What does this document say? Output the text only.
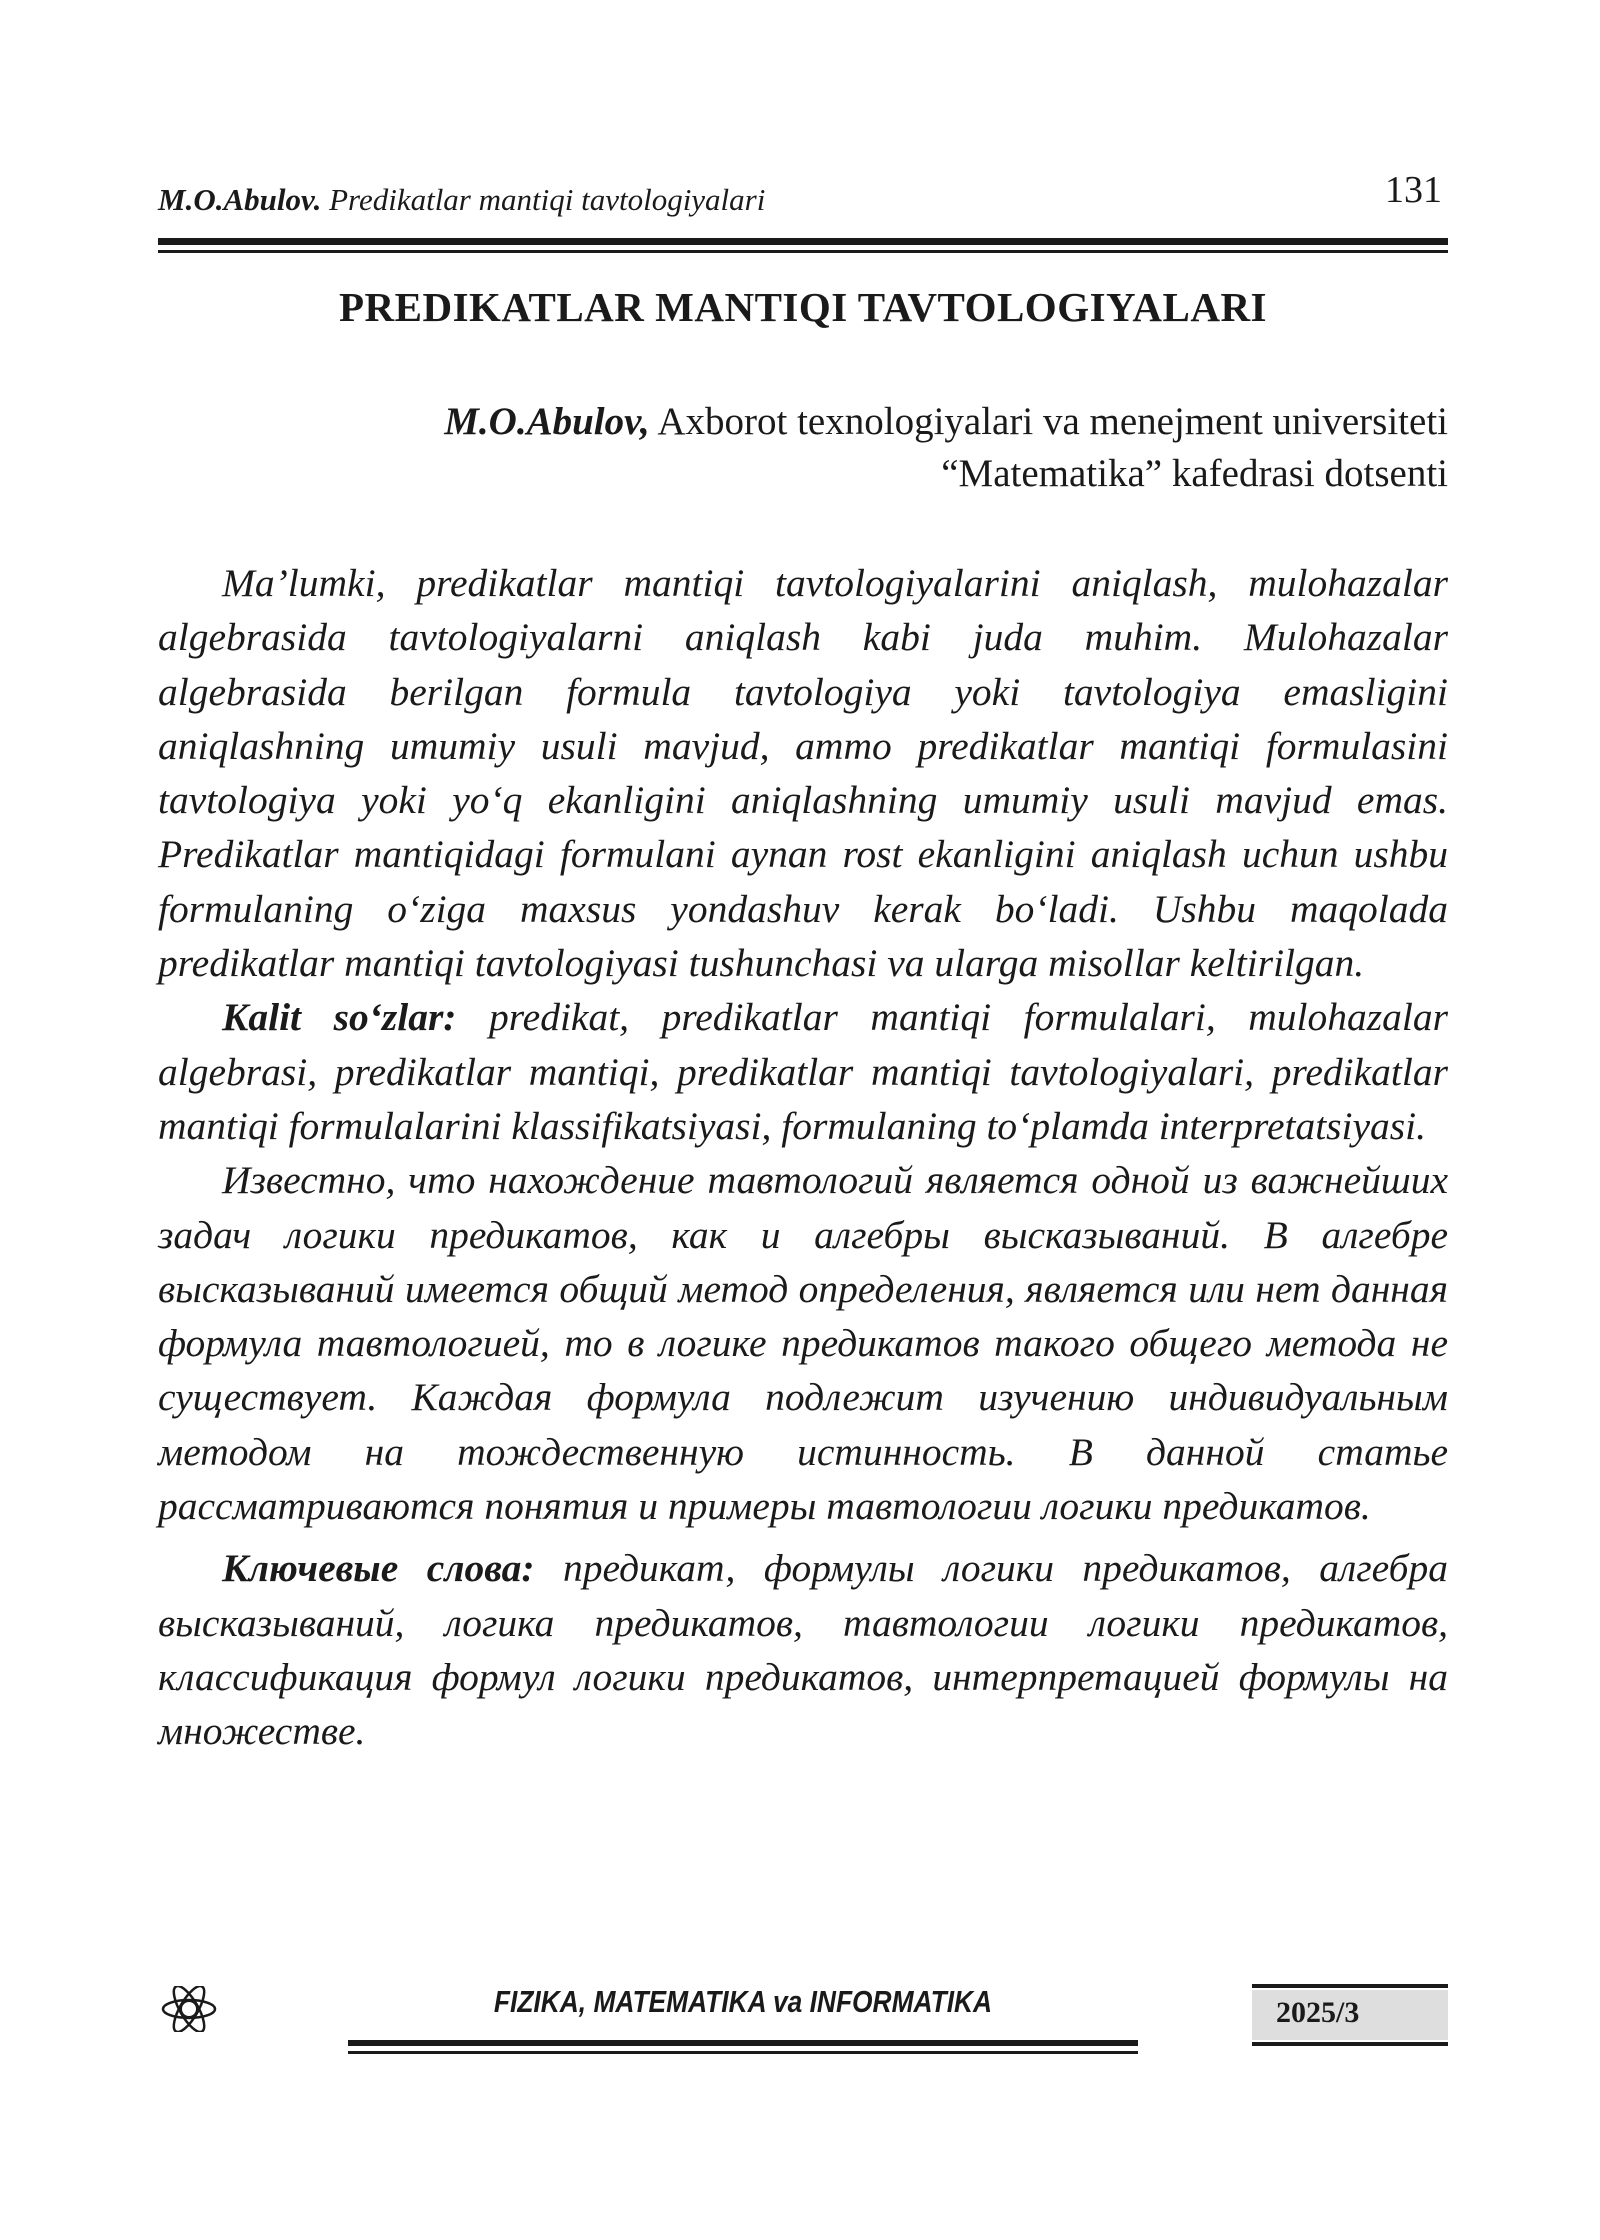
M.O.Abulov. Predikatlar mantiqi tavtologiyalari	131
PREDIKATLAR MANTIQI TAVTOLOGIYALARI
M.O.Abulov, Axborot texnologiyalari va menejment universiteti
“Matematika” kafedrasi dotsenti

Ma’lumki, predikatlar mantiqi tavtologiyalarini aniqlash, mulohazalar algebrasida tavtologiyalarni aniqlash kabi juda muhim. Mulohazalar algebrasida berilgan formula tavtologiya yoki tavtologiya emasligini aniqlashning umumiy usuli mavjud, ammo predikatlar mantiqi formulasini tavtologiya yoki yo‘q ekanligini aniqlashning umumiy usuli mavjud emas. Predikatlar mantiqidagi formulani aynan rost ekanligini aniqlash uchun ushbu formulaning o‘ziga maxsus yondashuv kerak bo‘ladi. Ushbu maqolada predikatlar mantiqi tavtologiyasi tushunchasi va ularga misollar keltirilgan.

Kalit so‘zlar: predikat, predikatlar mantiqi formulalari, mulohazalar algebrasi, predikatlar mantiqi, predikatlar mantiqi tavtologiyalari, predikatlar mantiqi formulalarini klassifikatsiyasi, formulaning to‘plamda interpretatsiyasi.

Известно, что нахождение тавтологий является одной из важнейших задач логики предикатов, как и алгебры высказываний. В алгебре высказываний имеется общий метод определения, является или нет данная формула тавтологией, то в логике предикатов такого общего метода не существует. Каждая формула подлежит изучению индивидуальным методом на тождественную истинность. В данной статье рассматриваются понятия и примеры тавтологии логики предикатов.

Ключевые слова: предикат, формулы логики предикатов, алгебра высказываний, логика предикатов, тавтологии логики предикатов, классификация формул логики предикатов, интерпретацией формулы на множестве.

FIZIKA, MATEMATIKA va INFORMATIKA	2025/3
